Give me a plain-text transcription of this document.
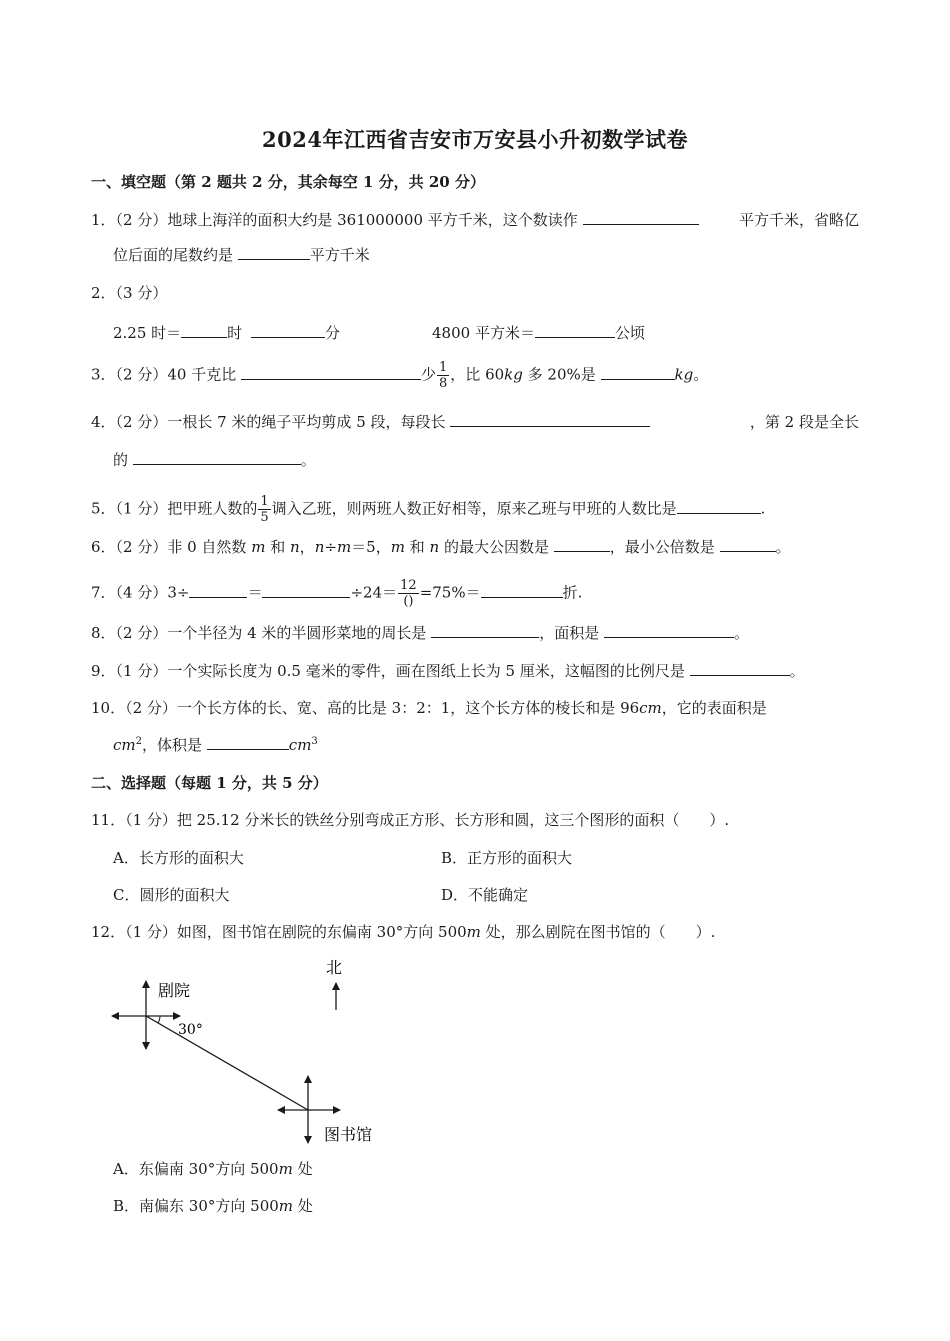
2024年江西省吉安市万安县小升初数学试卷
一、填空题（第 2 题共 2 分，其余每空 1 分，共 20 分）
1．（2 分）地球上海洋的面积大约是 361000000 平方千米，这个数读作	平方千米，省略亿
位后面的尾数约是	平方千米
2．（3 分）
2.25 时＝	时	分	4800 平方米＝	公顷
3．（2 分）40 千克比	少 $\frac{1}{8}$ ，比 60kg 多 20%是	kg。
4．（2 分）一根长 7 米的绳子平均剪成 5 段，每段长	，第 2 段是全长
的	。
5．（1 分）把甲班人数的 $\frac{1}{5}$ 调入乙班，则两班人数正好相等，原来乙班与甲班的人数比是	.
6．（2 分）非 0 自然数 m 和 n，n÷m＝5，m 和 n 的最大公因数是	，最小公倍数是	。
7．（4 分）3÷	＝	$\div 24= \frac{12}{()} =75\%=$	折.
8．（2 分）一个半径为 4 米的半圆形菜地的周长是	，面积是	。
9．（1 分）一个实际长度为 0.5 毫米的零件，画在图纸上长为 5 厘米，这幅图的比例尺是	。
10．（2 分）一个长方体的长、宽、高的比是 3：2：1，这个长方体的棱长和是 96cm，它的表面积是
$cm^2$，体积是	$cm^3$
二、选择题（每题 1 分，共 5 分）
11．（1 分）把 25.12 分米长的铁丝分别弯成正方形、长方形和圆，这三个图形的面积（　　）.
A．长方形的面积大	B．正方形的面积大
C．圆形的面积大	D．不能确定
12．（1 分）如图，图书馆在剧院的东偏南 30°方向 500m 处，那么剧院在图书馆的（　　）.
北
剧院
30°
图书馆
A．东偏南 30°方向 500m 处
B．南偏东 30°方向 500m 处
